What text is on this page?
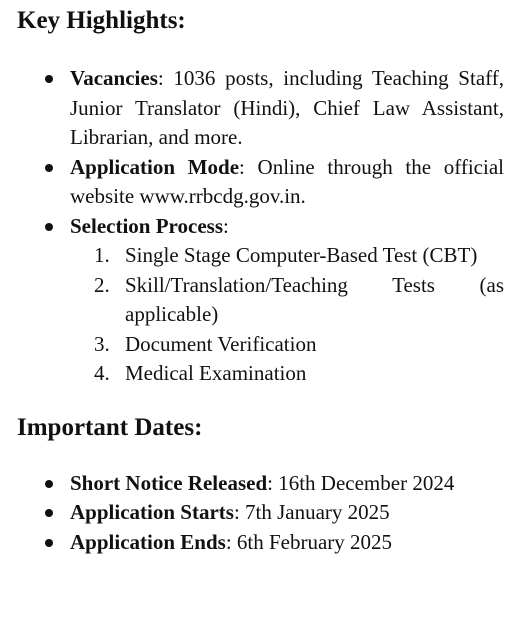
Key Highlights:
Vacancies: 1036 posts, including Teaching Staff, Junior Translator (Hindi), Chief Law Assistant, Librarian, and more.
Application Mode: Online through the official website www.rrbcdg.gov.in.
Selection Process:
1. Single Stage Computer-Based Test (CBT)
2. Skill/Translation/Teaching Tests (as applicable)
3. Document Verification
4. Medical Examination
Important Dates:
Short Notice Released: 16th December 2024
Application Starts: 7th January 2025
Application Ends: 6th February 2025
